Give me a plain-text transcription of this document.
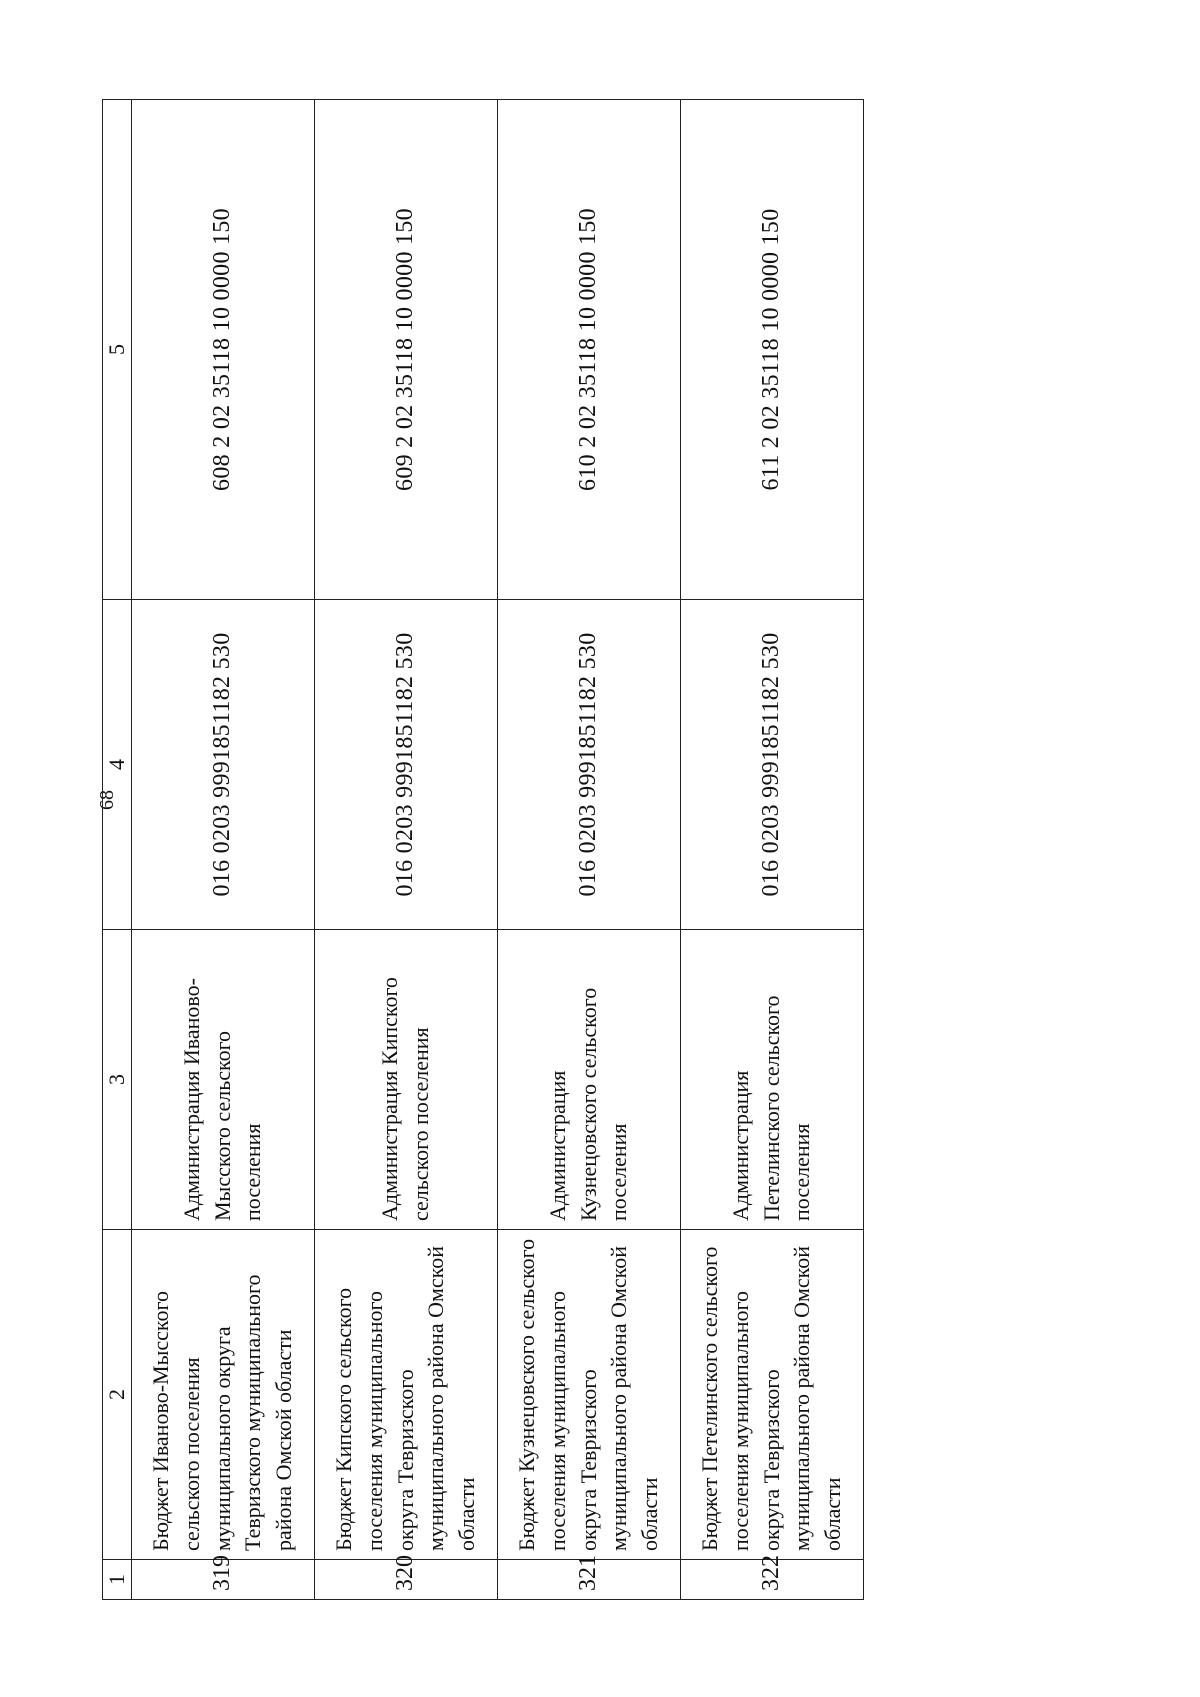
68
1	2	3	4	5
319	Бюджет Иваново-Мысского сельского поселения муниципального округа Тевризского муниципального района Омской области	Администрация Иваново-Мысского сельского поселения	016 0203 9991851182 530	608 2 02 35118 10 0000 150
320	Бюджет Кипского сельского поселения муниципального округа Тевризского муниципального района Омской области	Администрация Кипского сельского поселения	016 0203 9991851182 530	609 2 02 35118 10 0000 150
321	Бюджет Кузнецовского сельского поселения муниципального округа Тевризского муниципального района Омской области	Администрация Кузнецовского сельского поселения	016 0203 9991851182 530	610 2 02 35118 10 0000 150
322	Бюджет Петелинского сельского поселения муниципального округа Тевризского муниципального района Омской области	Администрация Петелинского сельского поселения	016 0203 9991851182 530	611 2 02 35118 10 0000 150
